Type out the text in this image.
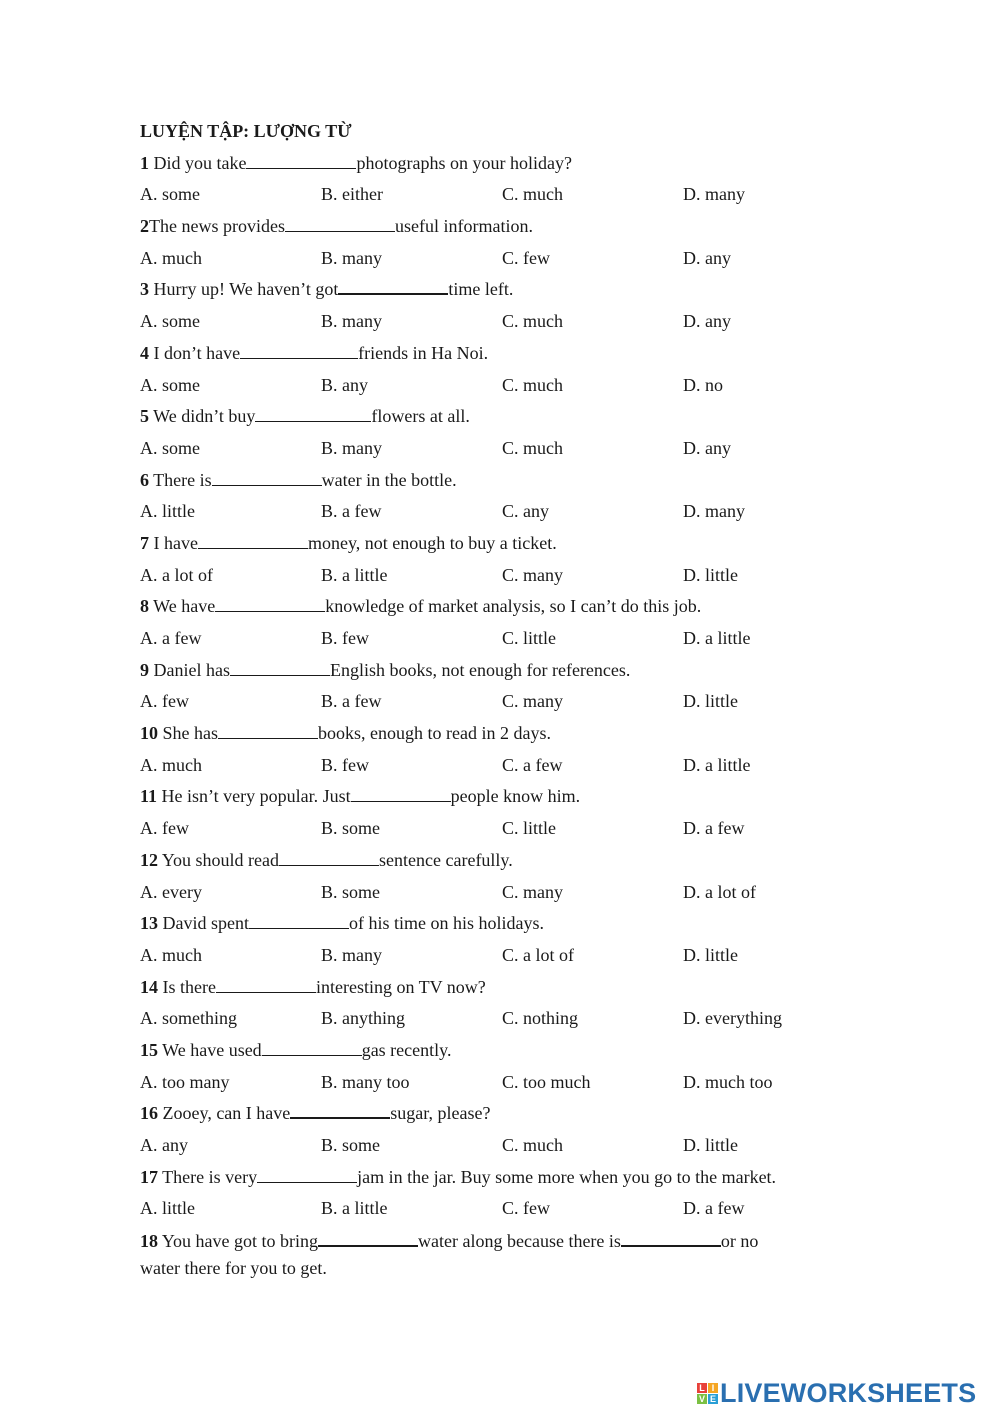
LUYỆN TẬP: LƯỢNG TỪ
1 Did you take	photographs on your holiday?
A. some	B. either	C. much	D. many
2The news provides	useful information.
A. much	B. many	C. few	D. any
3 Hurry up! We haven’t got	time left.
A. some	B. many	C. much	D. any
4 I don’t have	friends in Ha Noi.
A. some	B. any	C. much	D. no
5 We didn’t buy	flowers at all.
A. some	B. many	C. much	D. any
6 There is	water in the bottle.
A. little	B. a few	C. any	D. many
7 I have	money, not enough to buy a ticket.
A. a lot of	B. a little	C. many	D. little
8 We have	knowledge of market analysis, so I can’t do this job.
A. a few	B. few	C. little	D. a little
9 Daniel has	English books, not enough for references.
A. few	B. a few	C. many	D. little
10 She has	books, enough to read in 2 days.
A. much	B. few	C. a few	D. a little
11 He isn’t very popular. Just	people know him.
A. few	B. some	C. little	D. a few
12 You should read	sentence carefully.
A. every	B. some	C. many	D. a lot of
13 David spent	of his time on his holidays.
A. much	B. many	C. a lot of	D. little
14 Is there	interesting on TV now?
A. something	B. anything	C. nothing	D. everything
15 We have used	gas recently.
A. too many	B. many too	C. too much	D. much too
16 Zooey, can I have	sugar, please?
A. any	B. some	C. much	D. little
17 There is very	jam in the jar. Buy some more when you go to the market.
A. little	B. a little	C. few	D. a few
18 You have got to bring	water along because there is	or no
water there for you to get.
L I
V E LIVEWORKSHEETS
